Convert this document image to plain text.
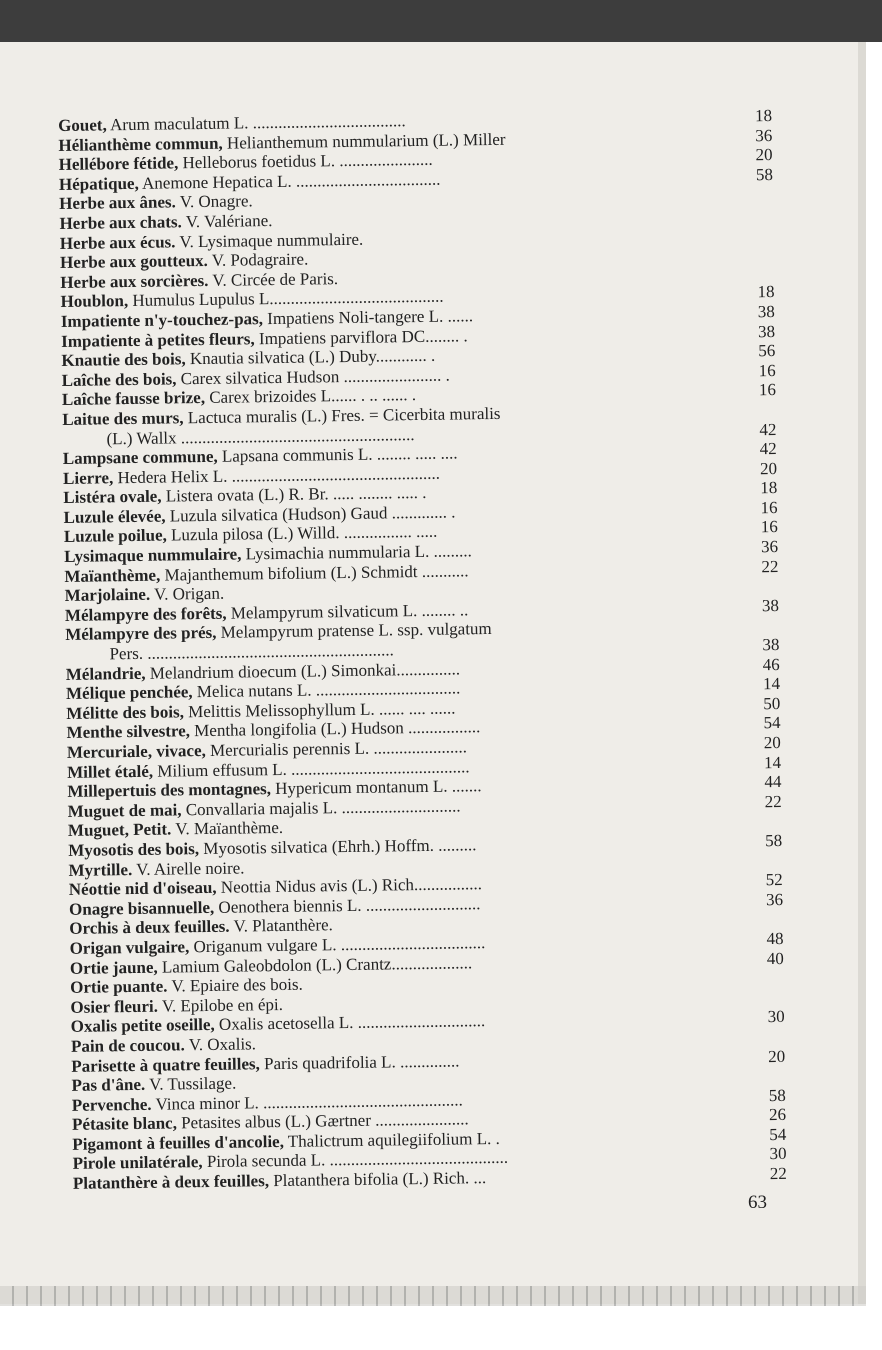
Gouet, Arum maculatum L. ....................................	18
Hélianthème commun, Helianthemum nummularium (L.) Miller	36
Hellébore fétide, Helleborus foetidus L. ......................	20
Hépatique, Anemone Hepatica L. ..................................	58
Herbe aux ânes. V. Onagre.
Herbe aux chats. V. Valériane.
Herbe aux écus. V. Lysimaque nummulaire.
Herbe aux goutteux. V. Podagraire.
Herbe aux sorcières. V. Circée de Paris.
Houblon, Humulus Lupulus L.........................................	18
Impatiente n'y-touchez-pas, Impatiens Noli-tangere L. ......	38
Impatiente à petites fleurs, Impatiens parviflora DC........ .	38
Knautie des bois, Knautia silvatica (L.) Duby............ .	56
Laîche des bois, Carex silvatica Hudson ....................... .	16
Laîche fausse brize, Carex brizoides L...... . .. ...... .	16
Laitue des murs, Lactuca muralis (L.) Fres. = Cicerbita muralis
(L.) Wallx .......................................................	42
Lampsane commune, Lapsana communis L. ........ ..... ....	42
Lierre, Hedera Helix L. .................................................	20
Listéra ovale, Listera ovata (L.) R. Br. ..... ........ ..... .	18
Luzule élevée, Luzula silvatica (Hudson) Gaud ............. .	16
Luzule poilue, Luzula pilosa (L.) Willd. ................ .....	16
Lysimaque nummulaire, Lysimachia nummularia L. .........	36
Maïanthème, Majanthemum bifolium (L.) Schmidt ...........	22
Marjolaine. V. Origan.
Mélampyre des forêts, Melampyrum silvaticum L. ........ ..	38
Mélampyre des prés, Melampyrum pratense L. ssp. vulgatum
Pers. ..........................................................	38
Mélandrie, Melandrium dioecum (L.) Simonkai...............	46
Mélique penchée, Melica nutans L. ..................................	14
Mélitte des bois, Melittis Melissophyllum L. ...... .... ......	50
Menthe silvestre, Mentha longifolia (L.) Hudson .................	54
Mercuriale, vivace, Mercurialis perennis L. ......................	20
Millet étalé, Milium effusum L. ..........................................	14
Millepertuis des montagnes, Hypericum montanum L. .......	44
Muguet de mai, Convallaria majalis L. ............................	22
Muguet, Petit. V. Maïanthème.
Myosotis des bois, Myosotis silvatica (Ehrh.) Hoffm. .........	58
Myrtille. V. Airelle noire.
Néottie nid d'oiseau, Neottia Nidus avis (L.) Rich................	52
Onagre bisannuelle, Oenothera biennis L. ...........................	36
Orchis à deux feuilles. V. Platanthère.
Origan vulgaire, Origanum vulgare L. ..................................	48
Ortie jaune, Lamium Galeobdolon (L.) Crantz...................	40
Ortie puante. V. Epiaire des bois.
Osier fleuri. V. Epilobe en épi.
Oxalis petite oseille, Oxalis acetosella L. ..............................	30
Pain de coucou. V. Oxalis.
Parisette à quatre feuilles, Paris quadrifolia L. ..............	20
Pas d'âne. V. Tussilage.
Pervenche. Vinca minor L. ...............................................	58
Pétasite blanc, Petasites albus (L.) Gærtner ......................	26
Pigamont à feuilles d'ancolie, Thalictrum aquilegiifolium L. .	54
Pirole unilatérale, Pirola secunda L. ..........................................	30
Platanthère à deux feuilles, Platanthera bifolia (L.) Rich. ...	22
63
